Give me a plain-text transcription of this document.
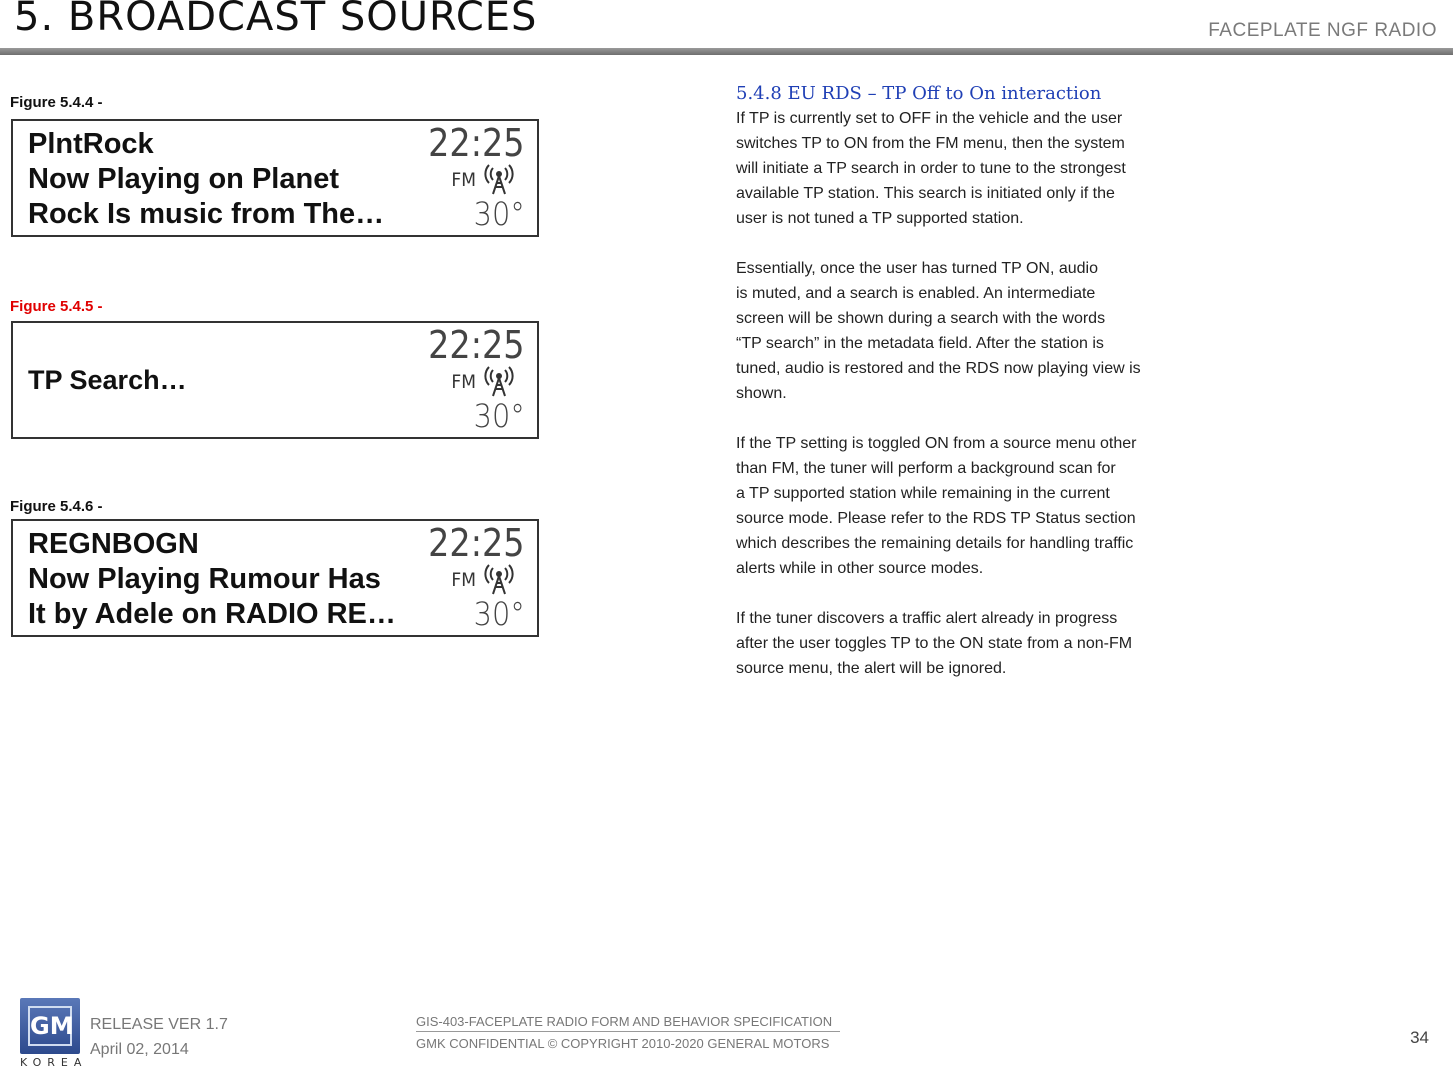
5. BROADCAST SOURCES	FACEPLATE NGF RADIO
Figure 5.4.4 -
PlntRock
Now Playing on Planet
Rock Is music from The…
22:25
FM
30°
Figure 5.4.5 -
TP Search…
22:25
FM
30°
Figure 5.4.6 -
REGNBOGN
Now Playing Rumour Has
It by Adele on RADIO RE…
22:25
FM
30°
5.4.8 EU RDS – TP Off to On interaction

If TP is currently set to OFF in the vehicle and the user
switches TP to ON from the FM menu, then the system
will initiate a TP search in order to tune to the strongest
available TP station. This search is initiated only if the
user is not tuned a TP supported station.

Essentially, once the user has turned TP ON, audio
is muted, and a search is enabled. An intermediate
screen will be shown during a search with the words
“TP search” in the metadata field. After the station is
tuned, audio is restored and the RDS now playing view is
shown.

If the TP setting is toggled ON from a source menu other
than FM, the tuner will perform a background scan for
a TP supported station while remaining in the current
source mode. Please refer to the RDS TP Status section
which describes the remaining details for handling traffic
alerts while in other source modes.

If the tuner discovers a traffic alert already in progress
after the user toggles TP to the ON state from a non-FM
source menu, the alert will be ignored.

GM
KOREA
RELEASE VER 1.7
April 02, 2014
GIS-403-FACEPLATE RADIO FORM AND BEHAVIOR SPECIFICATION
GMK CONFIDENTIAL © COPYRIGHT 2010-2020 GENERAL MOTORS	34
